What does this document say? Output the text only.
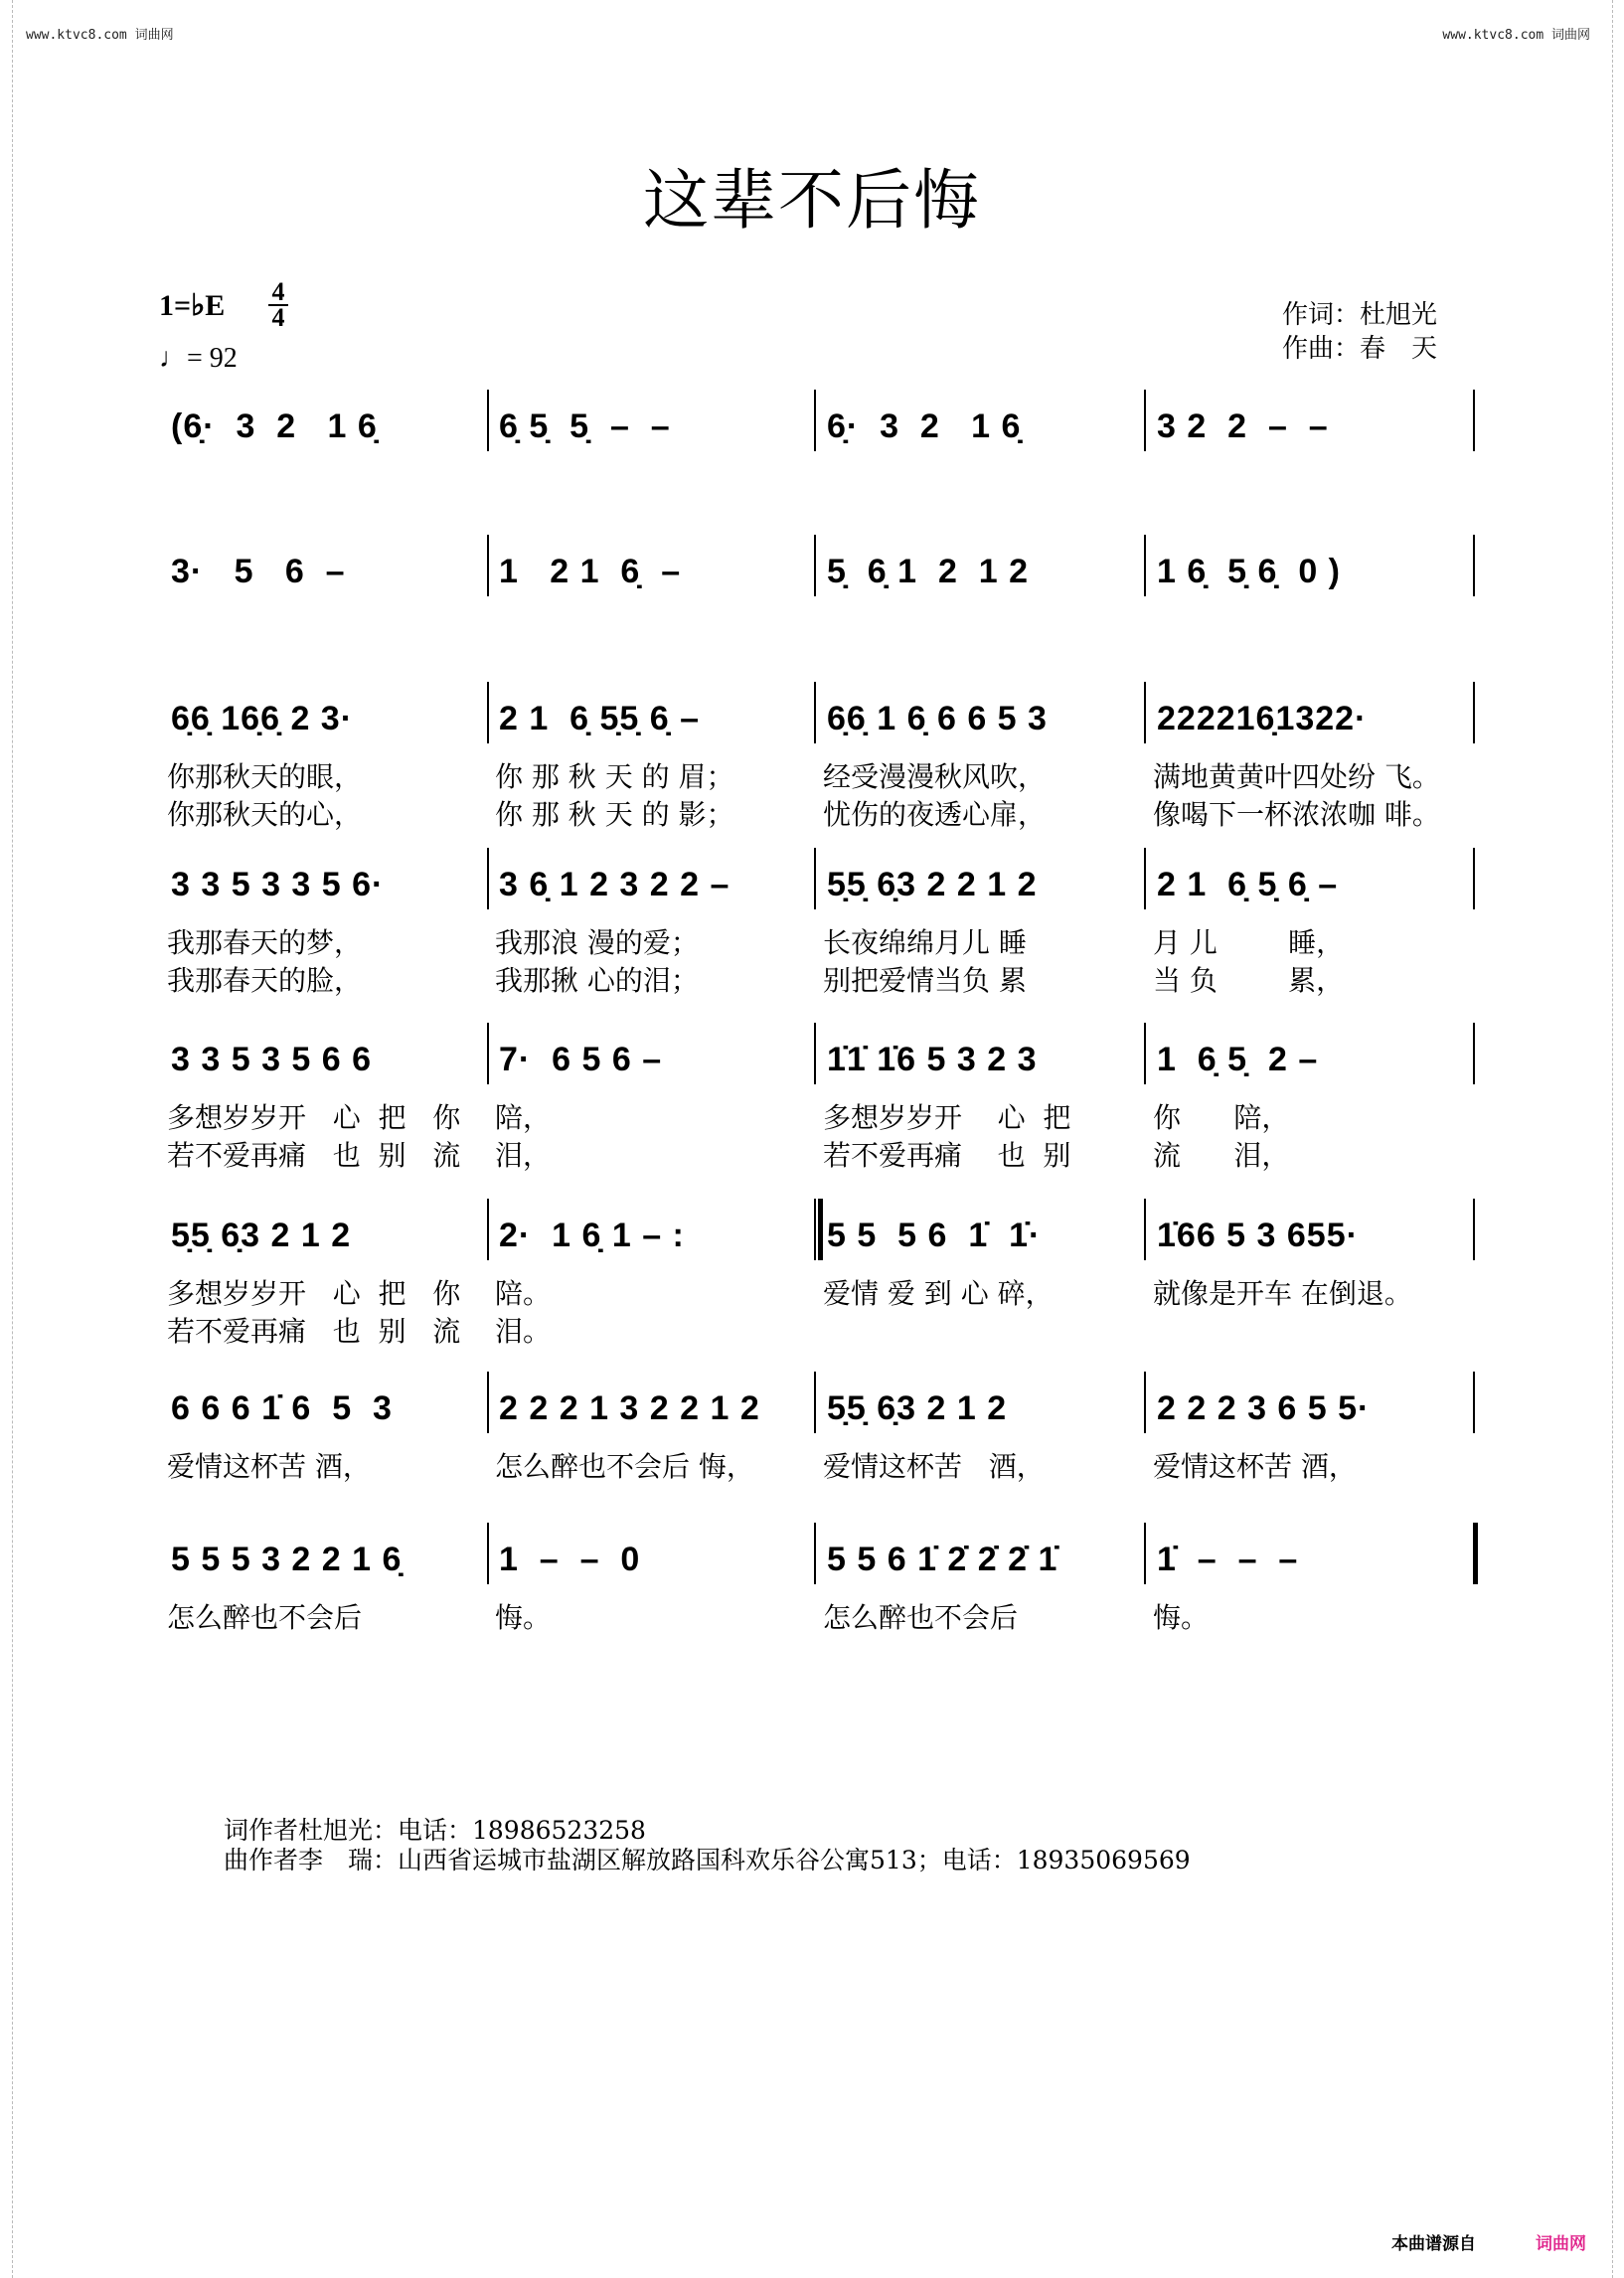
www.ktvc8.com 词曲网	www.ktvc8.com 词曲网
这辈不后悔
1=♭E 4
4
♩= 92
作词：杜旭光
作曲：春　天
(6̣·  3  2   1 6̣	6̣ 5̣  5̣  –  –	6̣·  3  2   1 6̣	3 2  2  –  –
3·   5   6  –	1   2 1  6̣  –	5̣  6̣ 1  2  1 2	1 6̣  5̣ 6̣  0 )
6̣6̣ 16̣6̣ 2 3·
你那秋天的眼，
你那秋天的心，
2 1  6̣ 5̣5̣ 6̣ –
你 那 秋 天 的 眉；
你 那 秋 天 的 影；
6̣6̣ 1 6̣ 6 6 5 3
经受漫漫秋风吹，
忧伤的夜透心扉，
222216̣1322·
满地黄黄叶四处纷 飞。
像喝下一杯浓浓咖 啡。
3 3 5 3 3 5 6·
我那春天的梦，
我那春天的脸，
3 6̣ 1 2 3 2 2 –
我那浪 漫的爱；
我那揪 心的泪；
5̣5̣ 6̣3 2 2 1 2
长夜绵绵月儿 睡
别把爱情当负 累
2 1  6̣ 5̣ 6̣ –
月 儿        睡，
当 负        累，
3 3 5 3 5 6 6
多想岁岁开   心  把   你
若不爱再痛   也  别   流
7·  6 5 6 –
陪，
泪，
1̇1̇ 1̇6 5 3 2 3
多想岁岁开    心  把
若不爱再痛    也  别
1  6̣ 5̣  2 –
你      陪，
流      泪，
5̣5̣ 6̣3 2 1 2
多想岁岁开   心  把   你
若不爱再痛   也  别   流
2·  1 6̣ 1 – :
陪。
泪。
5 5  5 6  1̇  1̇·
爱情 爱 到 心 碎，
1̇66 5 3 655·
就像是开车 在倒退。
6 6 6 1̇ 6  5  3
爱情这杯苦 酒，
2 2 2 1 3 2 2 1 2
怎么醉也不会后 悔，
5̣5̣ 6̣3 2 1 2
爱情这杯苦   酒，
2 2 2 3 6 5 5·
爱情这杯苦 酒，
5 5 5 3 2 2 1 6̣
怎么醉也不会后
1  –  –  0
悔。
5 5 6 1̇ 2̇ 2̇ 2̇ 1̇
怎么醉也不会后
1̇  –  –  –
悔。
词作者杜旭光：电话：18986523258
曲作者李　瑞：山西省运城市盐湖区解放路国科欢乐谷公寓513；电话：18935069569
本曲谱源自	词曲网
